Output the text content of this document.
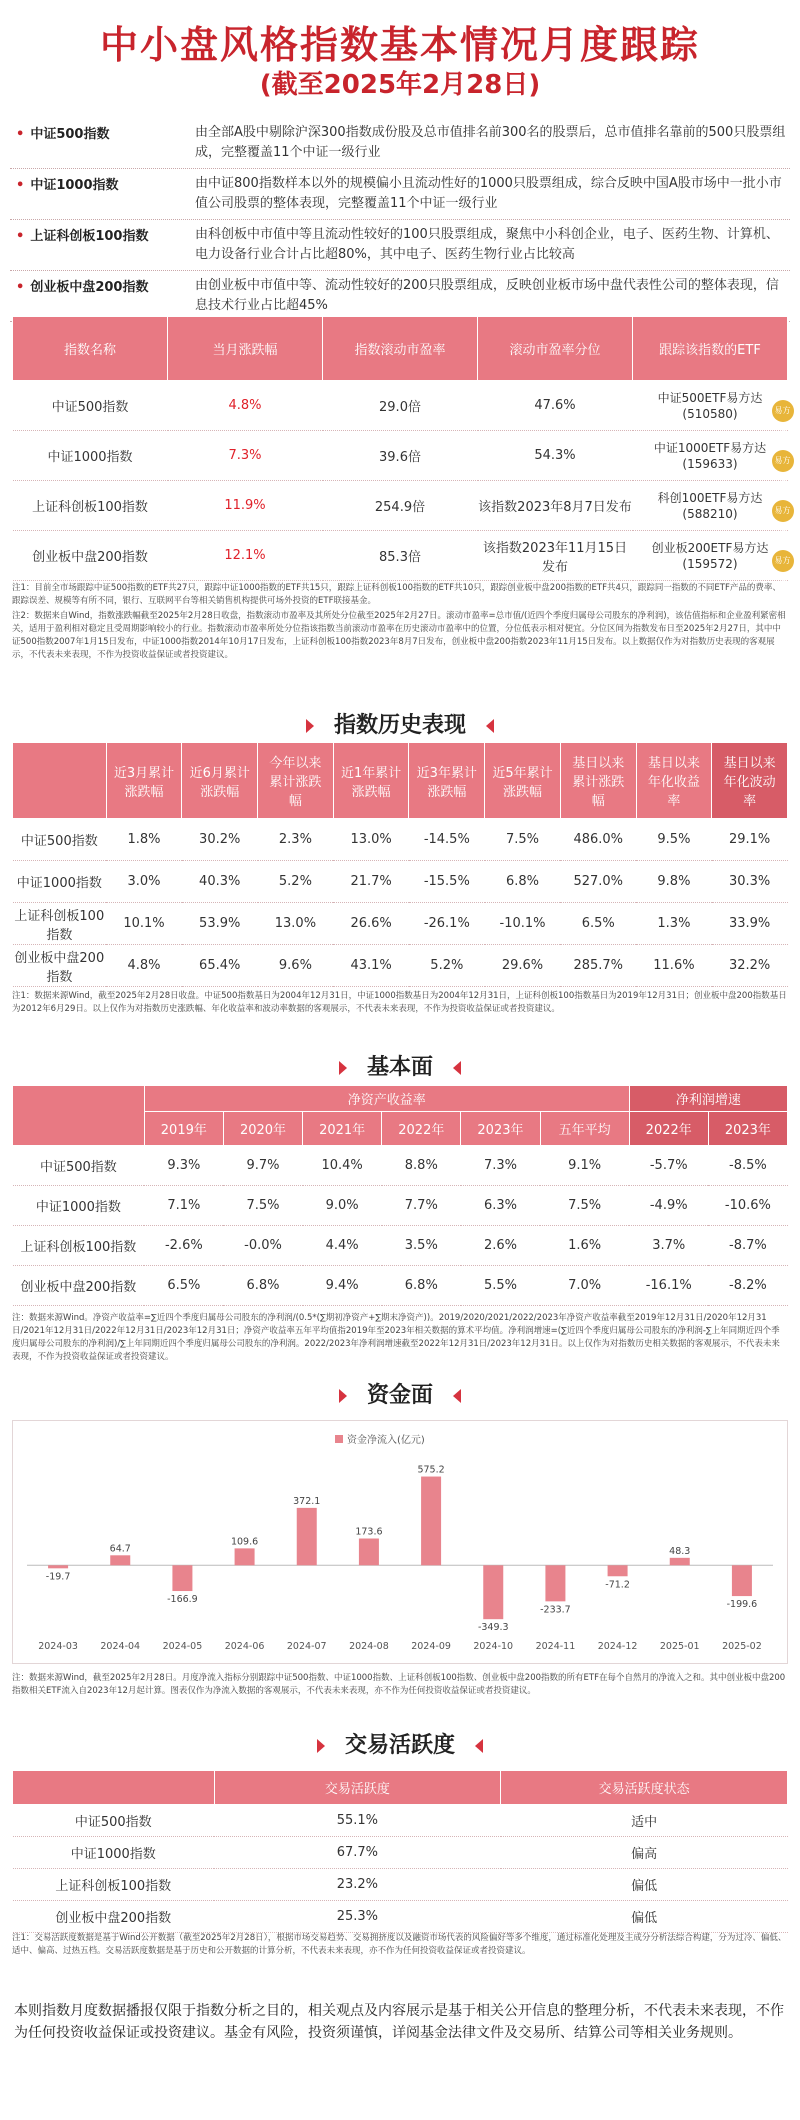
中小盘风格指数基本情况月度跟踪
(截至2025年2月28日)
• 中证500指数	由全部A股中剔除沪深300指数成份股及总市值排名前300名的股票后，总市值排名靠前的500只股票组成，完整覆盖11个中证一级行业
• 中证1000指数	由中证800指数样本以外的规模偏小且流动性好的1000只股票组成，综合反映中国A股市场中一批小市值公司股票的整体表现，完整覆盖11个中证一级行业
• 上证科创板100指数	由科创板中市值中等且流动性较好的100只股票组成，聚焦中小科创企业，电子、医药生物、计算机、电力设备行业合计占比超80%，其中电子、医药生物行业占比较高
• 创业板中盘200指数	由创业板中市值中等、流动性较好的200只股票组成，反映创业板市场中盘代表性公司的整体表现，信息技术行业占比超45%
指数名称	当月涨跌幅	指数滚动市盈率	滚动市盈率分位	跟踪该指数的ETF
中证500指数	4.8%	29.0倍	47.6%	中证500ETF易方达
(510580) 易方达

中证1000指数	7.3%	39.6倍	54.3%	中证1000ETF易方达
(159633) 易方达

上证科创板100指数	11.9%	254.9倍	该指数2023年8月7日发布	科创100ETF易方达
(588210) 易方达

创业板中盘200指数	12.1%	85.3倍	该指数2023年11月15日发布	创业板200ETF易方达
(159572) 易方达
注1：目前全市场跟踪中证500指数的ETF共27只，跟踪中证1000指数的ETF共15只，跟踪上证科创板100指数的ETF共10只，跟踪创业板中盘200指数的ETF共4只，跟踪同一指数的不同ETF产品的费率、跟踪误差、规模等有所不同，银行、互联网平台等相关销售机构提供可场外投资的ETF联接基金。
注2：数据来自Wind，指数涨跌幅截至2025年2月28日收盘，指数滚动市盈率及其所处分位截至2025年2月27日。滚动市盈率=总市值/(近四个季度归属母公司股东的净利润)，该估值指标和企业盈利紧密相关，适用于盈利相对稳定且受周期影响较小的行业。指数滚动市盈率所处分位指该指数当前滚动市盈率在历史滚动市盈率中的位置，分位低表示相对便宜。分位区间为指数发布日至2025年2月27日，其中中证500指数2007年1月15日发布，中证1000指数2014年10月17日发布，上证科创板100指数2023年8月7日发布，创业板中盘200指数2023年11月15日发布。以上数据仅作为对指数历史表现的客观展示，不代表未来表现，不作为投资收益保证或者投资建议。
指数历史表现
	近3月累计涨跌幅	近6月累计涨跌幅	今年以来累计涨跌幅	近1年累计涨跌幅	近3年累计涨跌幅	近5年累计涨跌幅	基日以来累计涨跌幅	基日以来年化收益率	基日以来年化波动率
中证500指数	1.8%	30.2%	2.3%	13.0%	-14.5%	7.5%	486.0%	9.5%	29.1%
中证1000指数	3.0%	40.3%	5.2%	21.7%	-15.5%	6.8%	527.0%	9.8%	30.3%
上证科创板100指数	10.1%	53.9%	13.0%	26.6%	-26.1%	-10.1%	6.5%	1.3%	33.9%
创业板中盘200指数	4.8%	65.4%	9.6%	43.1%	5.2%	29.6%	285.7%	11.6%	32.2%
注1：数据来源Wind，截至2025年2月28日收盘。中证500指数基日为2004年12月31日，中证1000指数基日为2004年12月31日，上证科创板100指数基日为2019年12月31日；创业板中盘200指数基日为2012年6月29日。以上仅作为对指数历史涨跌幅、年化收益率和波动率数据的客观展示，不代表未来表现，不作为投资收益保证或者投资建议。
基本面
	净资产收益率						净利润增速	
	2019年	2020年	2021年	2022年	2023年	五年平均	2022年	2023年
中证500指数	9.3%	9.7%	10.4%	8.8%	7.3%	9.1%	-5.7%	-8.5%
中证1000指数	7.1%	7.5%	9.0%	7.7%	6.3%	7.5%	-4.9%	-10.6%
上证科创板100指数	-2.6%	-0.0%	4.4%	3.5%	2.6%	1.6%	3.7%	-8.7%
创业板中盘200指数	6.5%	6.8%	9.4%	6.8%	5.5%	7.0%	-16.1%	-8.2%
注：数据来源Wind。净资产收益率=∑近四个季度归属母公司股东的净利润/(0.5*(∑期初净资产+∑期末净资产))。2019/2020/2021/2022/2023年净资产收益率截至2019年12月31日/2020年12月31日/2021年12月31日/2022年12月31日/2023年12月31日；净资产收益率五年平均值指2019年至2023年相关数据的算术平均值。净利润增速=(∑近四个季度归属母公司股东的净利润-∑上年同期近四个季度归属母公司股东的净利润)/∑上年同期近四个季度归属母公司股东的净利润。2022/2023年净利润增速截至2022年12月31日/2023年12月31日。以上仅作为对指数历史相关数据的客观展示，不代表未来表现，不作为投资收益保证或者投资建议。
资金面
资金净流入(亿元)
-19.7
2024-03
64.7
2024-04
-166.9
2024-05
109.6
2024-06
372.1
2024-07
173.6
2024-08
575.2
2024-09
-349.3
2024-10
-233.7
2024-11
-71.2
2024-12
48.3
2025-01
-199.6
2025-02
注：数据来源Wind，截至2025年2月28日。月度净流入指标分别跟踪中证500指数、中证1000指数、上证科创板100指数、创业板中盘200指数的所有ETF在每个自然月的净流入之和。其中创业板中盘200指数相关ETF流入自2023年12月起计算。图表仅作为净流入数据的客观展示，不代表未来表现，亦不作为任何投资收益保证或者投资建议。
交易活跃度
	交易活跃度	交易活跃度状态
中证500指数	55.1%	适中
中证1000指数	67.7%	偏高
上证科创板100指数	23.2%	偏低
创业板中盘200指数	25.3%	偏低
注1：交易活跃度数据是基于Wind公开数据（截至2025年2月28日），根据市场交易趋势、交易拥挤度以及融资市场代表的风险偏好等多个维度，通过标准化处理及主成分分析法综合构建，分为过冷、偏低、适中、偏高、过热五档。交易活跃度数据是基于历史和公开数据的计算分析，不代表未来表现，亦不作为任何投资收益保证或者投资建议。
本则指数月度数据播报仅限于指数分析之目的，相关观点及内容展示是基于相关公开信息的整理分析，不代表未来表现，不作为任何投资收益保证或投资建议。基金有风险，投资须谨慎，详阅基金法律文件及交易所、结算公司等相关业务规则。
